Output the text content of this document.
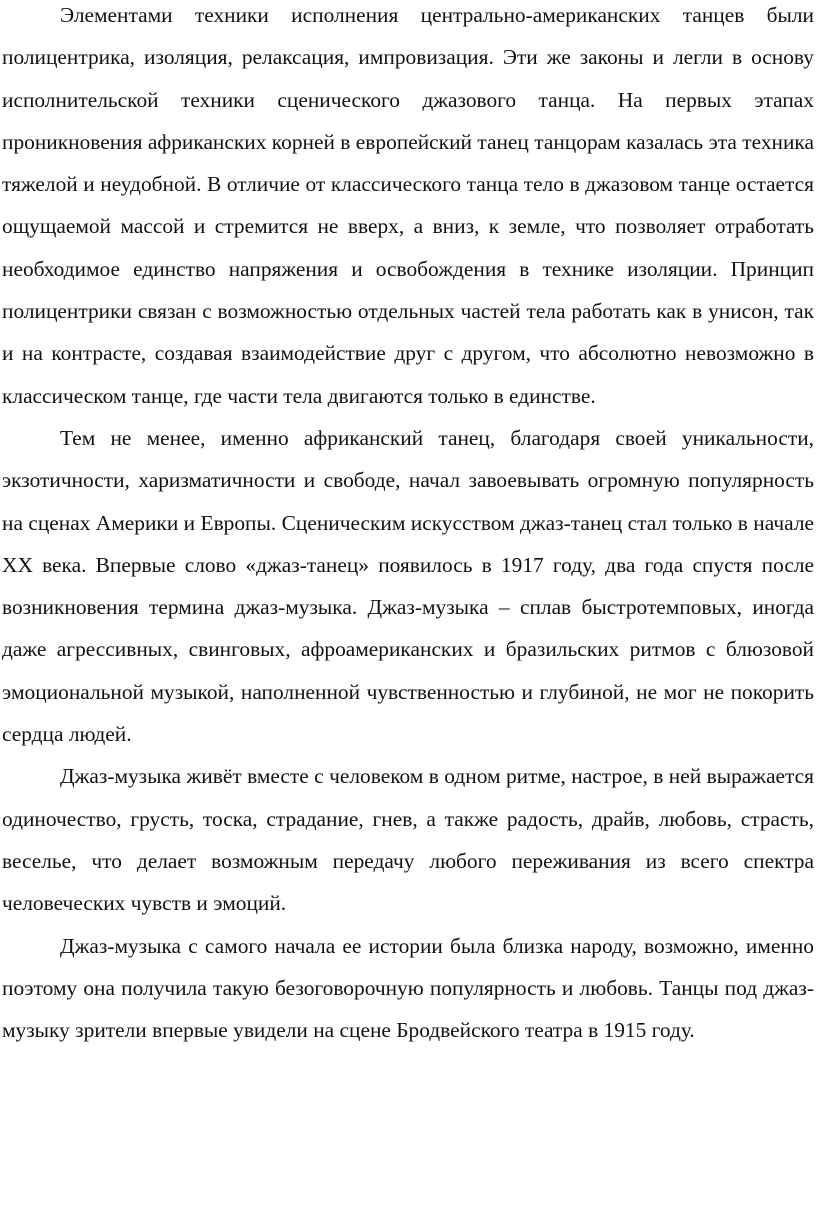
Элементами техники исполнения центрально-американских танцев были полицентрика, изоляция, релаксация, импровизация. Эти же законы и легли в основу исполнительской техники сценического джазового танца. На первых этапах проникновения африканских корней в европейский танец танцорам казалась эта техника тяжелой и неудобной. В отличие от классического танца тело в джазовом танце остается ощущаемой массой и стремится не вверх, а вниз, к земле, что позволяет отработать необходимое единство напряжения и освобождения в технике изоляции. Принцип полицентрики связан с возможностью отдельных частей тела работать как в унисон, так и на контрасте, создавая взаимодействие друг с другом, что абсолютно невозможно в классическом танце, где части тела двигаются только в единстве.

Тем не менее, именно африканский танец, благодаря своей уникальности, экзотичности, харизматичности и свободе, начал завоевывать огромную популярность на сценах Америки и Европы. Сценическим искусством джаз-танец стал только в начале XX века. Впервые слово «джаз-танец» появилось в 1917 году, два года спустя после возникновения термина джаз-музыка. Джаз-музыка – сплав быстротемповых, иногда даже агрессивных, свинговых, афроамериканских и бразильских ритмов с блюзовой эмоциональной музыкой, наполненной чувственностью и глубиной, не мог не покорить сердца людей.

Джаз-музыка живёт вместе с человеком в одном ритме, настрое, в ней выражается одиночество, грусть, тоска, страдание, гнев, а также радость, драйв, любовь, страсть, веселье, что делает возможным передачу любого переживания из всего спектра человеческих чувств и эмоций.

Джаз-музыка с самого начала ее истории была близка народу, возможно, именно поэтому она получила такую безоговорочную популярность и любовь. Танцы под джаз-музыку зрители впервые увидели на сцене Бродвейского театра в 1915 году.
